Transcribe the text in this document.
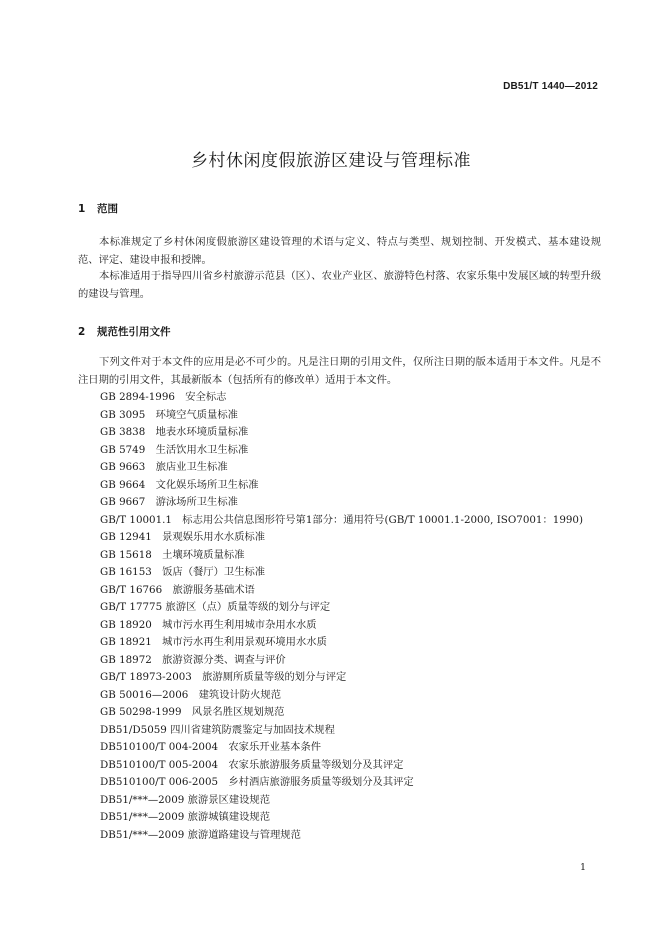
DB51/T 1440—2012
乡村休闲度假旅游区建设与管理标准
1 范围

本标准规定了乡村休闲度假旅游区建设管理的术语与定义、特点与类型、规划控制、开发模式、基本建设规范、评定、建设申报和授牌。

本标准适用于指导四川省乡村旅游示范县（区）、农业产业区、旅游特色村落、农家乐集中发展区域的转型升级的建设与管理。

2 规范性引用文件

下列文件对于本文件的应用是必不可少的。凡是注日期的引用文件，仅所注日期的版本适用于本文件。凡是不注日期的引用文件，其最新版本（包括所有的修改单）适用于本文件。

GB 2894-1996　安全标志
GB 3095　环境空气质量标准
GB 3838　地表水环境质量标准
GB 5749　生活饮用水卫生标准
GB 9663　旅店业卫生标准
GB 9664　文化娱乐场所卫生标准
GB 9667　游泳场所卫生标准
GB/T 10001.1　标志用公共信息图形符号第1部分：通用符号(GB/T 10001.1-2000, ISO7001：1990)
GB 12941　景观娱乐用水水质标准
GB 15618　土壤环境质量标准
GB 16153　饭店（餐厅）卫生标准
GB/T 16766　旅游服务基础术语
GB/T 17775 旅游区（点）质量等级的划分与评定
GB 18920　城市污水再生利用城市杂用水水质
GB 18921　城市污水再生利用景观环境用水水质
GB 18972　旅游资源分类、调查与评价
GB/T 18973-2003　旅游厕所质量等级的划分与评定
GB 50016—2006　建筑设计防火规范
GB 50298-1999　风景名胜区规划规范
DB51/D5059 四川省建筑防震鉴定与加固技术规程
DB510100/T 004-2004　农家乐开业基本条件
DB510100/T 005-2004　农家乐旅游服务质量等级划分及其评定
DB510100/T 006-2005　乡村酒店旅游服务质量等级划分及其评定
DB51/***—2009 旅游景区建设规范
DB51/***—2009 旅游城镇建设规范
DB51/***—2009 旅游道路建设与管理规范
1
